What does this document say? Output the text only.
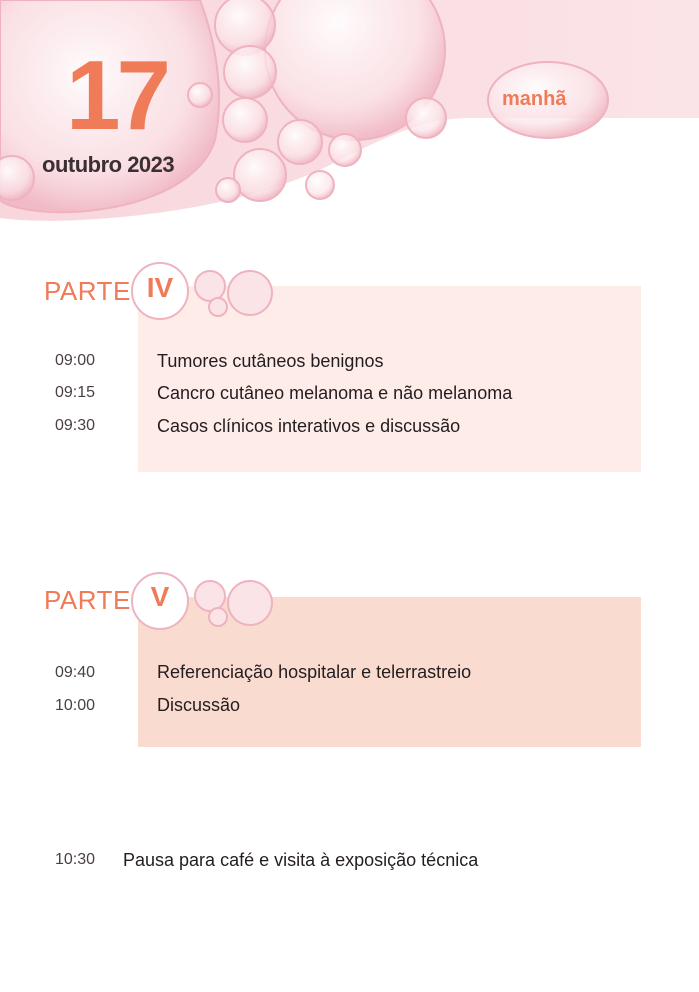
17
outubro 2023
manhã
PARTE IV
09:00	Tumores cutâneos benignos
09:15	Cancro cutâneo melanoma e não melanoma
09:30	Casos clínicos interativos e discussão
PARTE V
09:40	Referenciação hospitalar e telerrastreio
10:00	Discussão
10:30 Pausa para café e visita à exposição técnica
